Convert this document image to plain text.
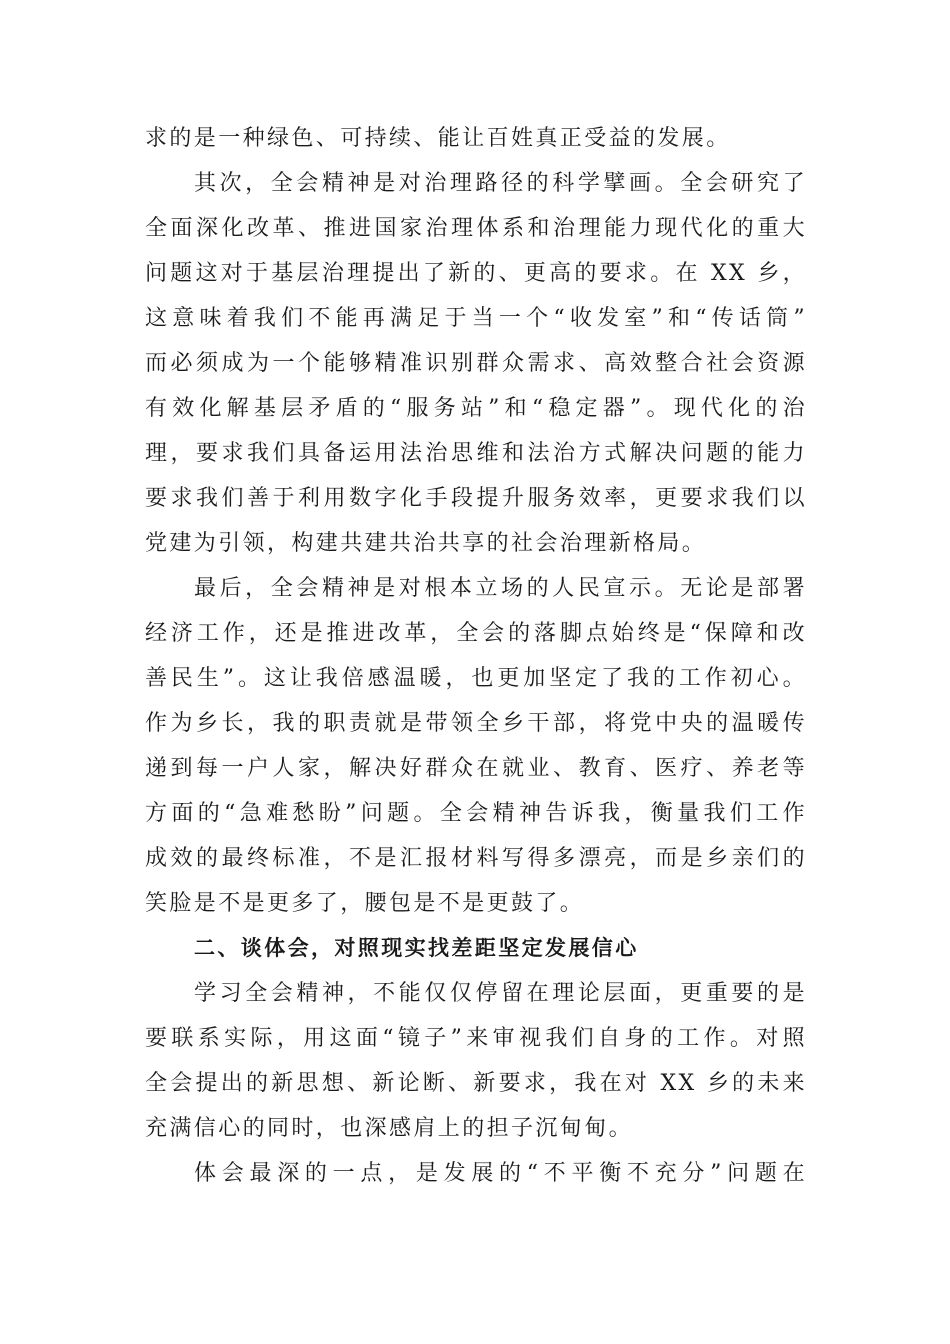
求的是一种绿色、可持续、能让百姓真正受益的发展。
其次，全会精神是对治理路径的科学擘画。全会研究了
全面深化改革、推进国家治理体系和治理能力现代化的重大
问题这对于基层治理提出了新的、更高的要求。在 XX 乡，
这意味着我们不能再满足于当一个“收发室”和“传话筒”
而必须成为一个能够精准识别群众需求、高效整合社会资源
有效化解基层矛盾的“服务站”和“稳定器”。现代化的治
理，要求我们具备运用法治思维和法治方式解决问题的能力
要求我们善于利用数字化手段提升服务效率，更要求我们以
党建为引领，构建共建共治共享的社会治理新格局。
最后，全会精神是对根本立场的人民宣示。无论是部署
经济工作，还是推进改革，全会的落脚点始终是“保障和改
善民生”。这让我倍感温暖，也更加坚定了我的工作初心。
作为乡长，我的职责就是带领全乡干部，将党中央的温暖传
递到每一户人家，解决好群众在就业、教育、医疗、养老等
方面的“急难愁盼”问题。全会精神告诉我，衡量我们工作
成效的最终标准，不是汇报材料写得多漂亮，而是乡亲们的
笑脸是不是更多了，腰包是不是更鼓了。
二、谈体会，对照现实找差距坚定发展信心
学习全会精神，不能仅仅停留在理论层面，更重要的是
要联系实际，用这面“镜子”来审视我们自身的工作。对照
全会提出的新思想、新论断、新要求，我在对 XX 乡的未来
充满信心的同时，也深感肩上的担子沉甸甸。
体会最深的一点，是发展的“不平衡不充分”问题在
